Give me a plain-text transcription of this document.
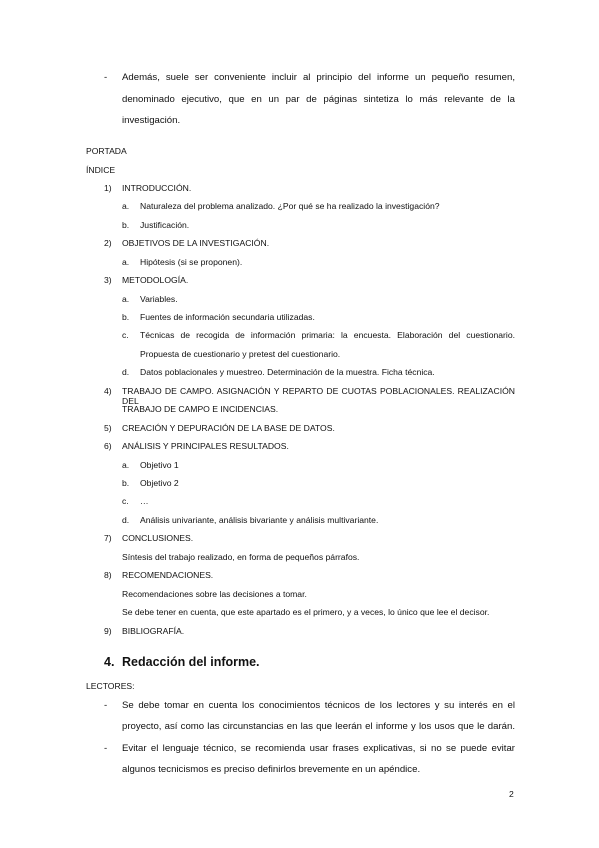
- Además, suele ser conveniente incluir al principio del informe un pequeño resumen,
denominado ejecutivo, que en un par de páginas sintetiza lo más relevante de la
investigación.
PORTADA
ÍNDICE
1) INTRODUCCIÓN.
a. Naturaleza del problema analizado. ¿Por qué se ha realizado la investigación?
b. Justificación.
2) OBJETIVOS DE LA INVESTIGACIÓN.
a. Hipótesis (si se proponen).
3) METODOLOGÍA.
a. Variables.
b. Fuentes de información secundaria utilizadas.
c. Técnicas de recogida de información primaria: la encuesta. Elaboración del cuestionario.
Propuesta de cuestionario y pretest del cuestionario.
d. Datos poblacionales y muestreo. Determinación de la muestra. Ficha técnica.
4) TRABAJO DE CAMPO. ASIGNACIÓN Y REPARTO DE CUOTAS POBLACIONALES. REALIZACIÓN DEL
TRABAJO DE CAMPO E INCIDENCIAS.
5) CREACIÓN Y DEPURACIÓN DE LA BASE DE DATOS.
6) ANÁLISIS Y PRINCIPALES RESULTADOS.
a. Objetivo 1
b. Objetivo 2
c. …
d. Análisis univariante, análisis bivariante y análisis multivariante.
7) CONCLUSIONES.
Síntesis del trabajo realizado, en forma de pequeños párrafos.
8) RECOMENDACIONES.
Recomendaciones sobre las decisiones a tomar.
Se debe tener en cuenta, que este apartado es el primero, y a veces, lo único que lee el decisor.
9) BIBLIOGRAFÍA.
4. Redacción del informe.
LECTORES:
- Se debe tomar en cuenta los conocimientos técnicos de los lectores y su interés en el
proyecto, así como las circunstancias en las que leerán el informe y los usos que le darán.
- Evitar el lenguaje técnico, se recomienda usar frases explicativas, si no se puede evitar
algunos tecnicismos es preciso definirlos brevemente en un apéndice.
2
